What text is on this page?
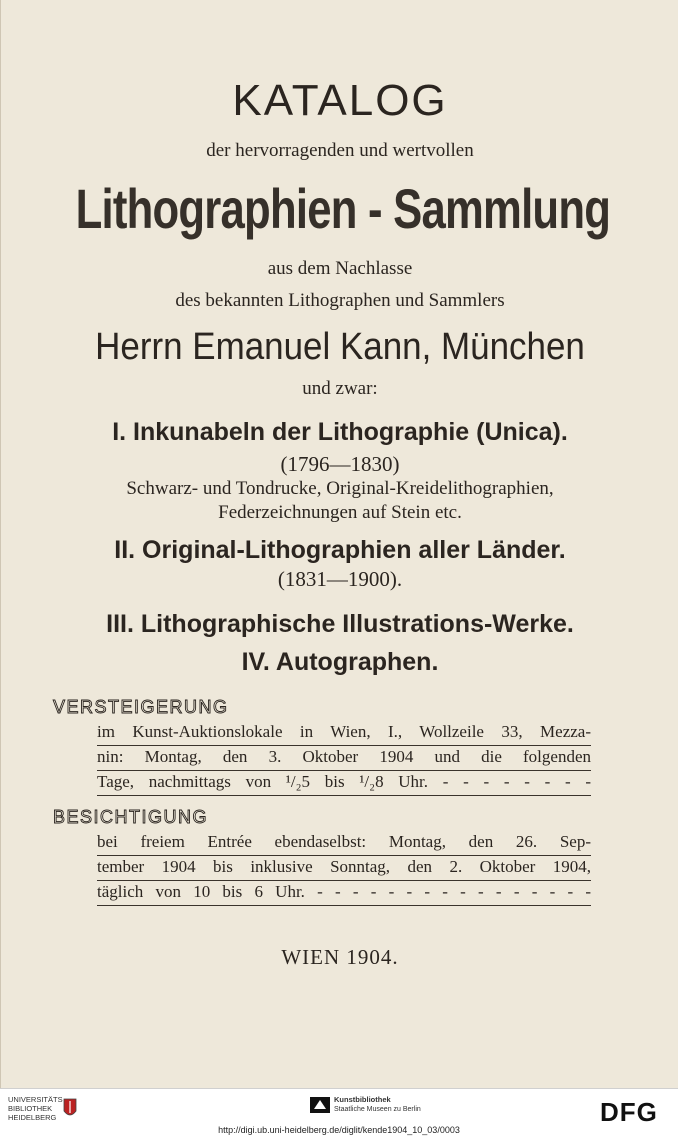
KATALOG
der hervorragenden und wertvollen
Lithographien - Sammlung
aus dem Nachlasse
des bekannten Lithographen und Sammlers
Herrn Emanuel Kann, München
und zwar:
I. Inkunabeln der Lithographie (Unica).
(1796—1830)
Schwarz- und Tondrucke, Original-Kreidelithographien,
Federzeichnungen auf Stein etc.
II. Original-Lithographien aller Länder.
(1831—1900).
III. Lithographische Illustrations-Werke.
IV. Autographen.
VERSTEIGERUNG
im Kunst-Auktionslokale in Wien, I., Wollzeile 33, Mezza-
nin: Montag, den 3. Oktober 1904 und die folgenden
Tage, nachmittags von ¹/₂5 bis ¹/₂8 Uhr. - - - - - - - -
BESICHTIGUNG
bei freiem Entrée ebendaselbst: Montag, den 26. Sep-
tember 1904 bis inklusive Sonntag, den 2. Oktober 1904,
täglich von 10 bis 6 Uhr. - - - - - - - - - - - - - - - -
WIEN 1904.
UNIVERSITÄTS
BIBLIOTHEK
HEIDELBERG
Kunstbibliothek
Staatliche Museen zu Berlin	DFG
http://digi.ub.uni-heidelberg.de/diglit/kende1904_10_03/0003
